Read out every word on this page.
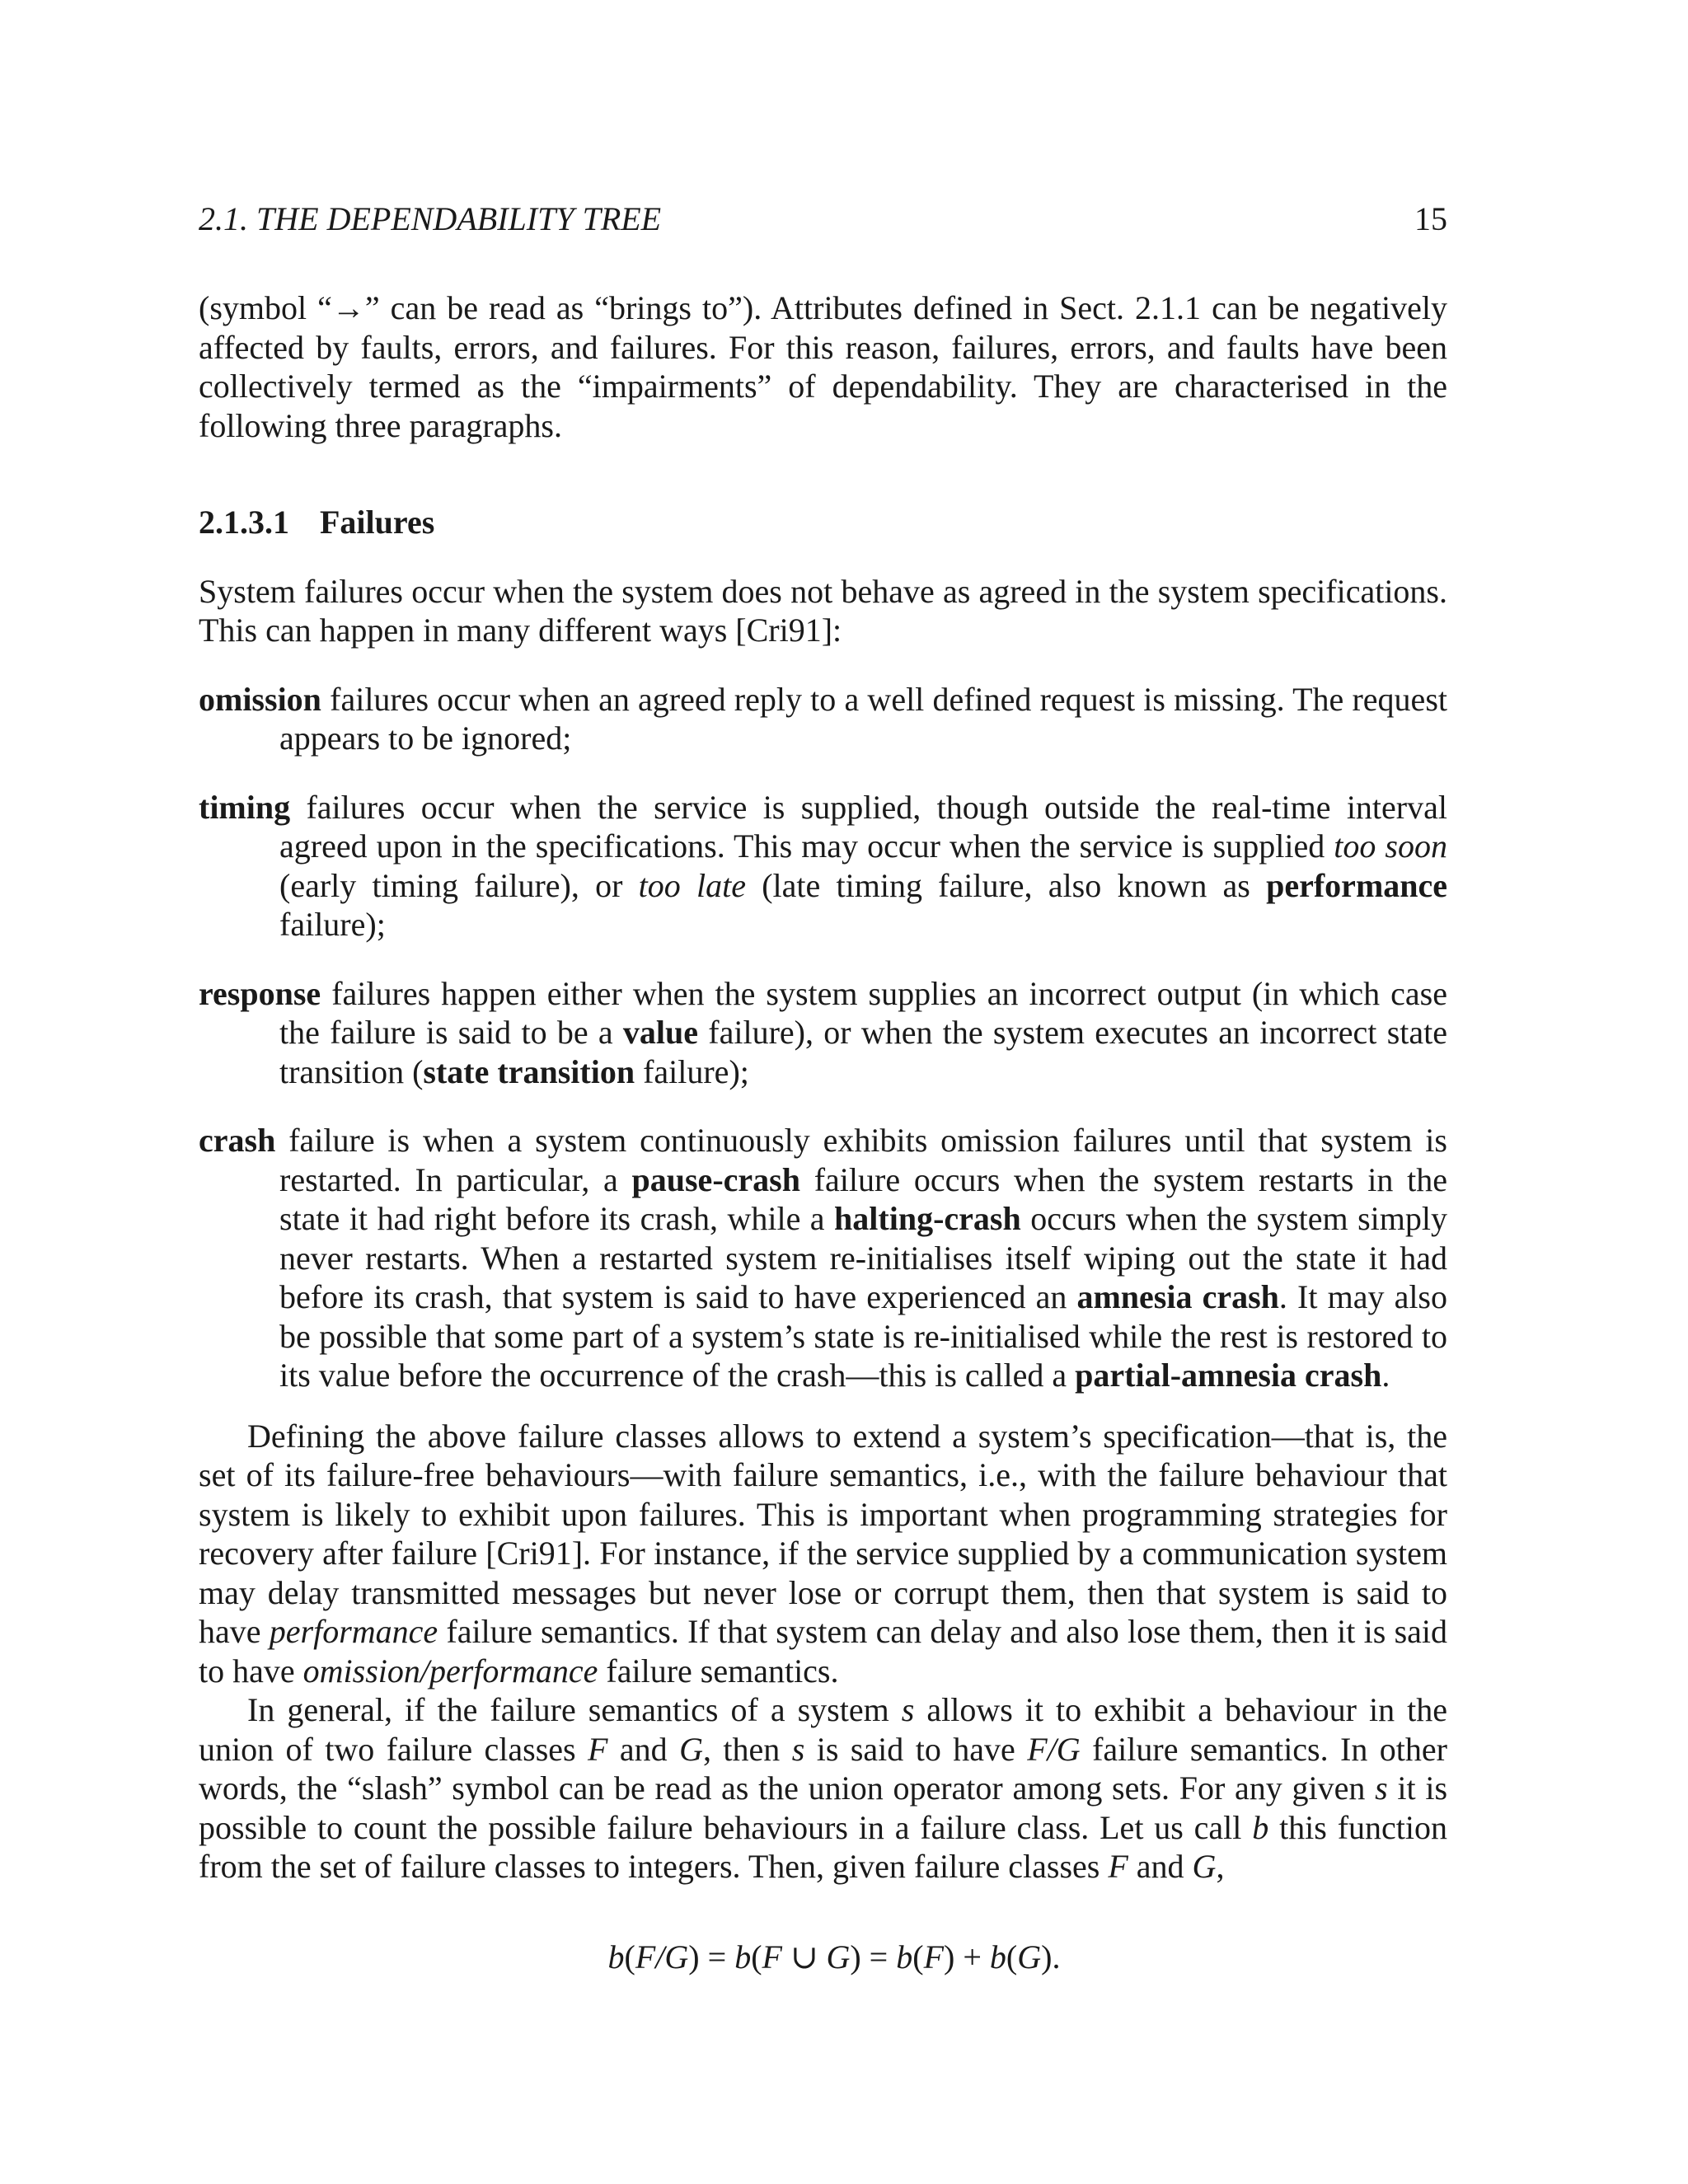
2.1. THE DEPENDABILITY TREE	15

(symbol “→” can be read as “brings to”). Attributes defined in Sect. 2.1.1 can be negatively affected by faults, errors, and failures. For this reason, failures, errors, and faults have been collectively termed as the “impairments” of dependability. They are characterised in the following three paragraphs.

2.1.3.1 Failures

System failures occur when the system does not behave as agreed in the system specifications. This can happen in many different ways [Cri91]:

omission failures occur when an agreed reply to a well defined request is missing. The request appears to be ignored;

timing failures occur when the service is supplied, though outside the real-time interval agreed upon in the specifications. This may occur when the service is supplied too soon (early timing failure), or too late (late timing failure, also known as performance failure);

response failures happen either when the system supplies an incorrect output (in which case the failure is said to be a value failure), or when the system executes an incorrect state transition (state transition failure);

crash failure is when a system continuously exhibits omission failures until that system is restarted. In particular, a pause-crash failure occurs when the system restarts in the state it had right before its crash, while a halting-crash occurs when the system simply never restarts. When a restarted system re-initialises itself wiping out the state it had before its crash, that system is said to have experienced an amnesia crash. It may also be possible that some part of a system’s state is re-initialised while the rest is restored to its value before the occurrence of the crash—this is called a partial-amnesia crash.

Defining the above failure classes allows to extend a system’s specification—that is, the set of its failure-free behaviours—with failure semantics, i.e., with the failure behaviour that system is likely to exhibit upon failures. This is important when programming strategies for recovery after failure [Cri91]. For instance, if the service supplied by a communication system may delay transmitted messages but never lose or corrupt them, then that system is said to have performance failure semantics. If that system can delay and also lose them, then it is said to have omission/performance failure semantics.

In general, if the failure semantics of a system s allows it to exhibit a behaviour in the union of two failure classes F and G, then s is said to have F/G failure semantics. In other words, the “slash” symbol can be read as the union operator among sets. For any given s it is possible to count the possible failure behaviours in a failure class. Let us call b this function from the set of failure classes to integers. Then, given failure classes F and G,

b(F/G) = b(F ∪ G) = b(F) + b(G).
